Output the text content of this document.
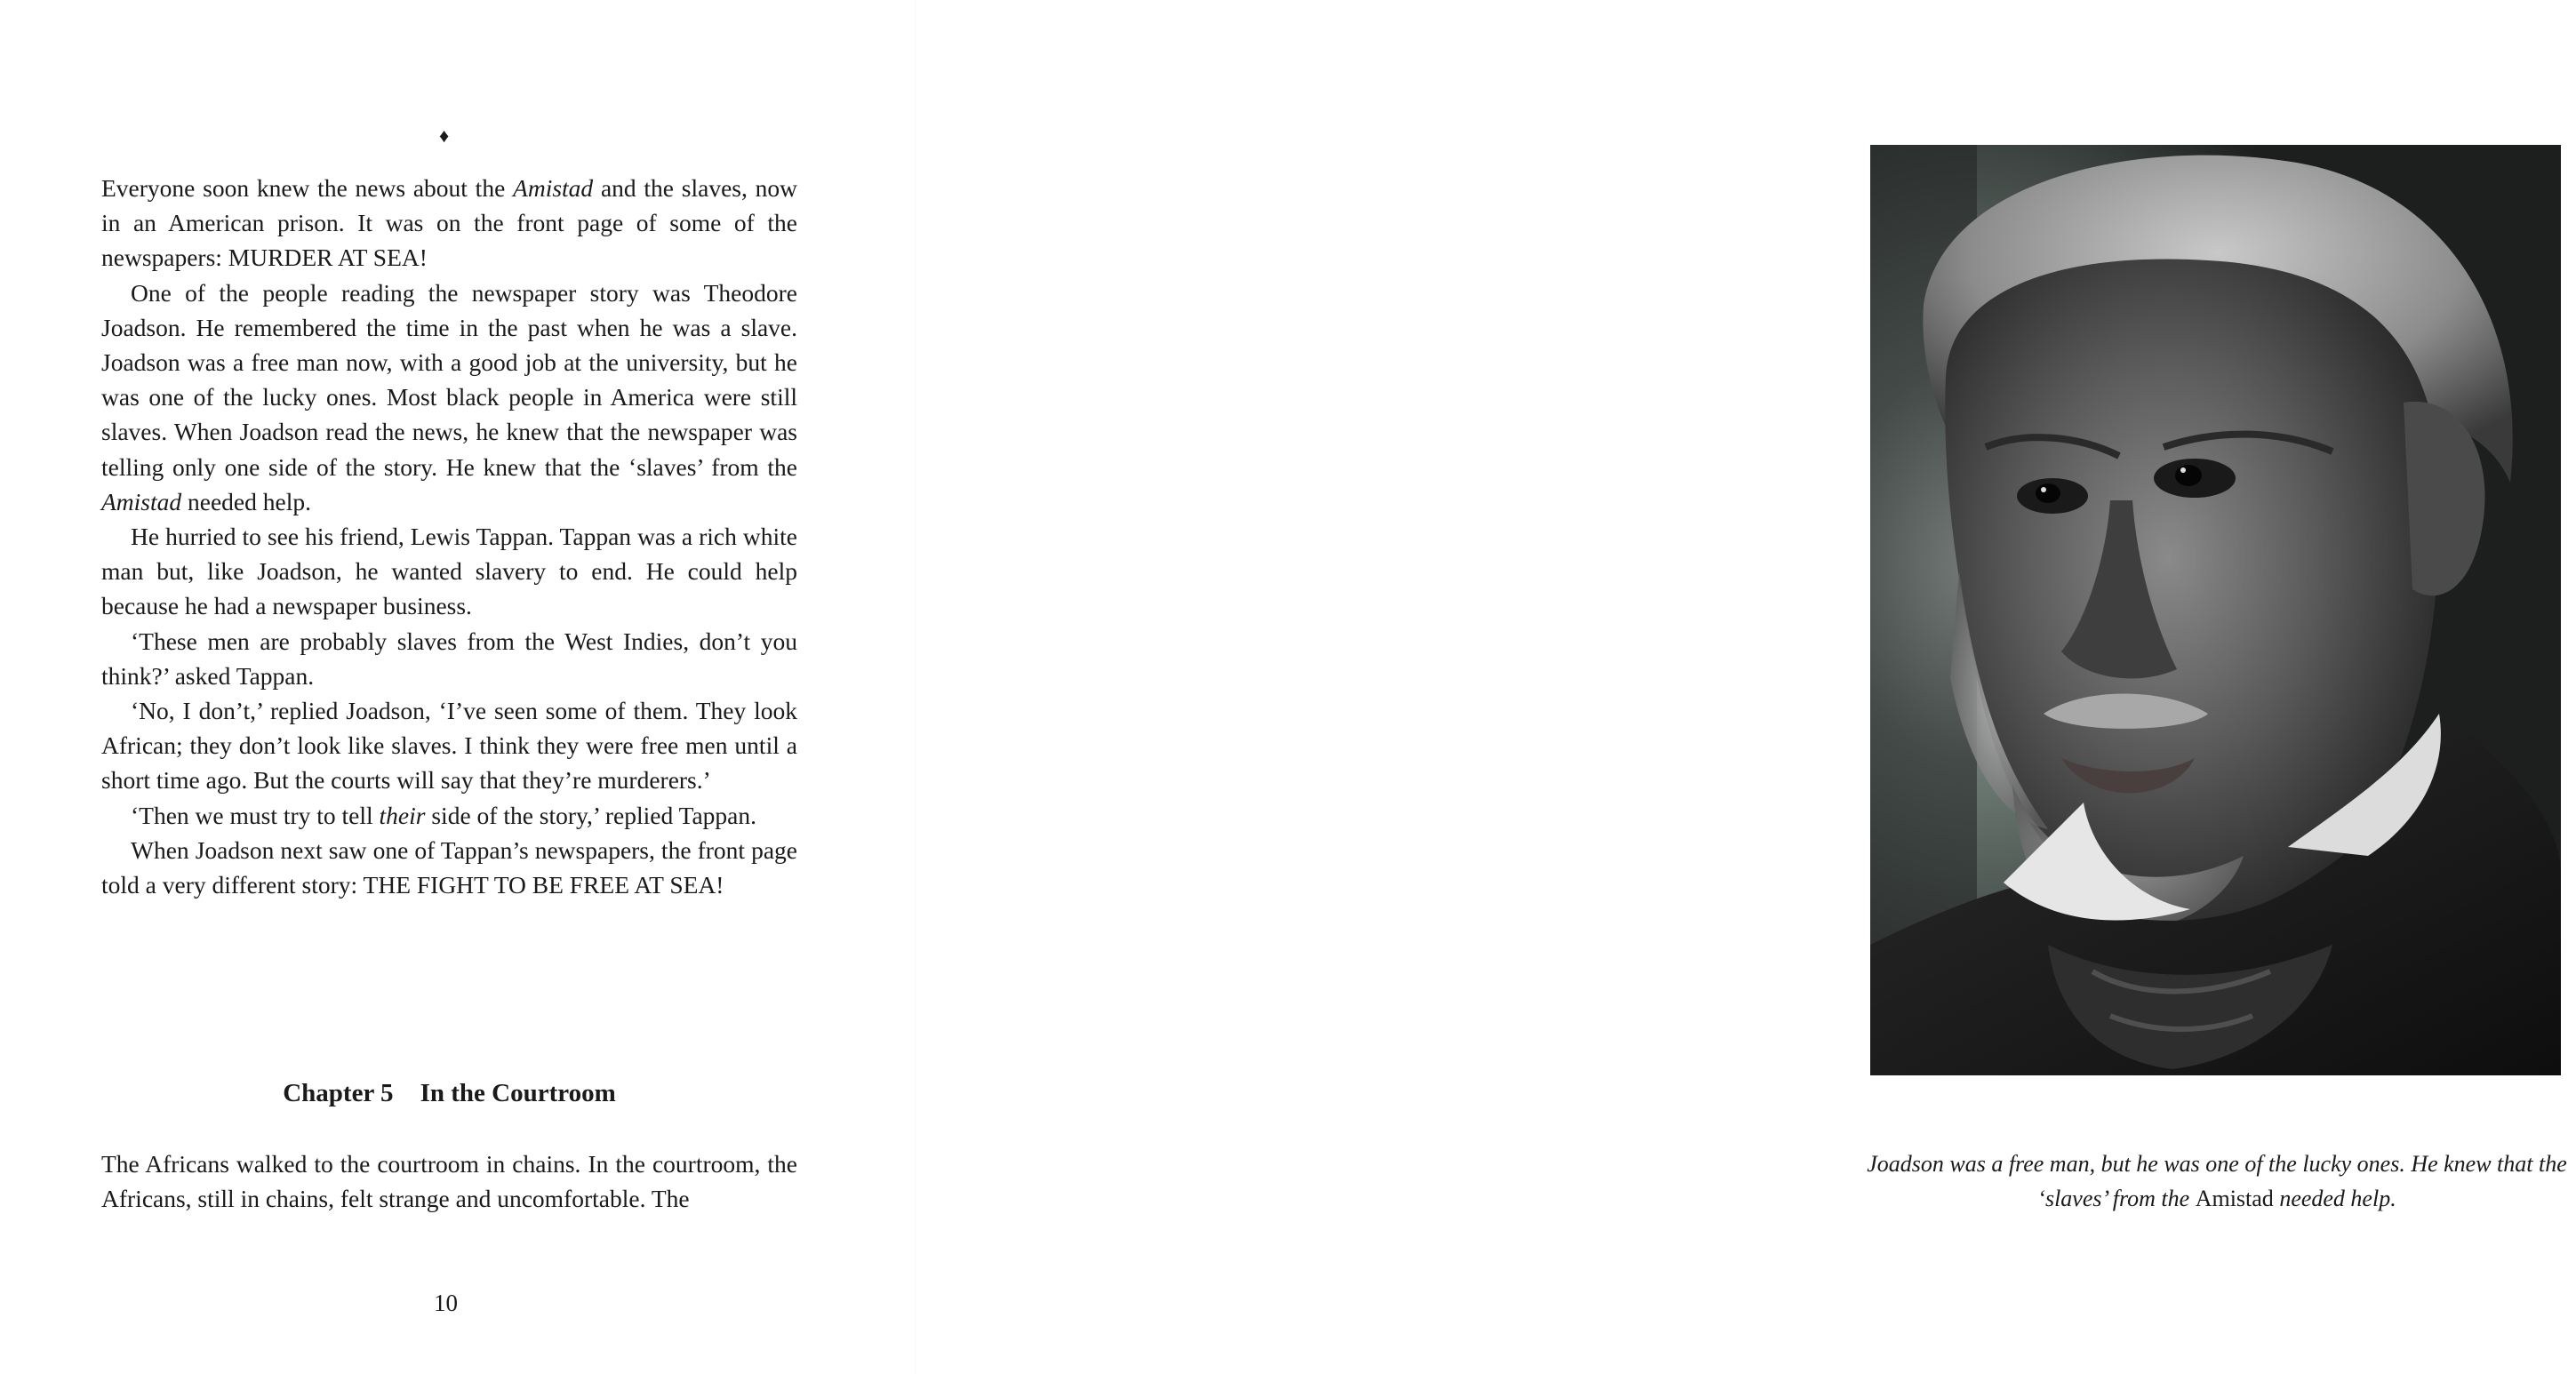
♦

Everyone soon knew the news about the Amistad and the slaves, now in an American prison. It was on the front page of some of the newspapers: MURDER AT SEA!

One of the people reading the newspaper story was Theodore Joadson. He remembered the time in the past when he was a slave. Joadson was a free man now, with a good job at the university, but he was one of the lucky ones. Most black people in America were still slaves. When Joadson read the news, he knew that the newspaper was telling only one side of the story. He knew that the ‘slaves’ from the Amistad needed help.

He hurried to see his friend, Lewis Tappan. Tappan was a rich white man but, like Joadson, he wanted slavery to end. He could help because he had a newspaper business.

‘These men are probably slaves from the West Indies, don’t you think?’ asked Tappan.

‘No, I don’t,’ replied Joadson, ‘I’ve seen some of them. They look African; they don’t look like slaves. I think they were free men until a short time ago. But the courts will say that they’re murderers.’

‘Then we must try to tell their side of the story,’ replied Tappan.

When Joadson next saw one of Tappan’s newspapers, the front page told a very different story: THE FIGHT TO BE FREE AT SEA!

Chapter 5 In the Courtroom

The Africans walked to the courtroom in chains. In the courtroom, the Africans, still in chains, felt strange and uncomfortable. The

10
Joadson was a free man, but he was one of the lucky ones. He knew that the ‘slaves’ from the Amistad needed help.
